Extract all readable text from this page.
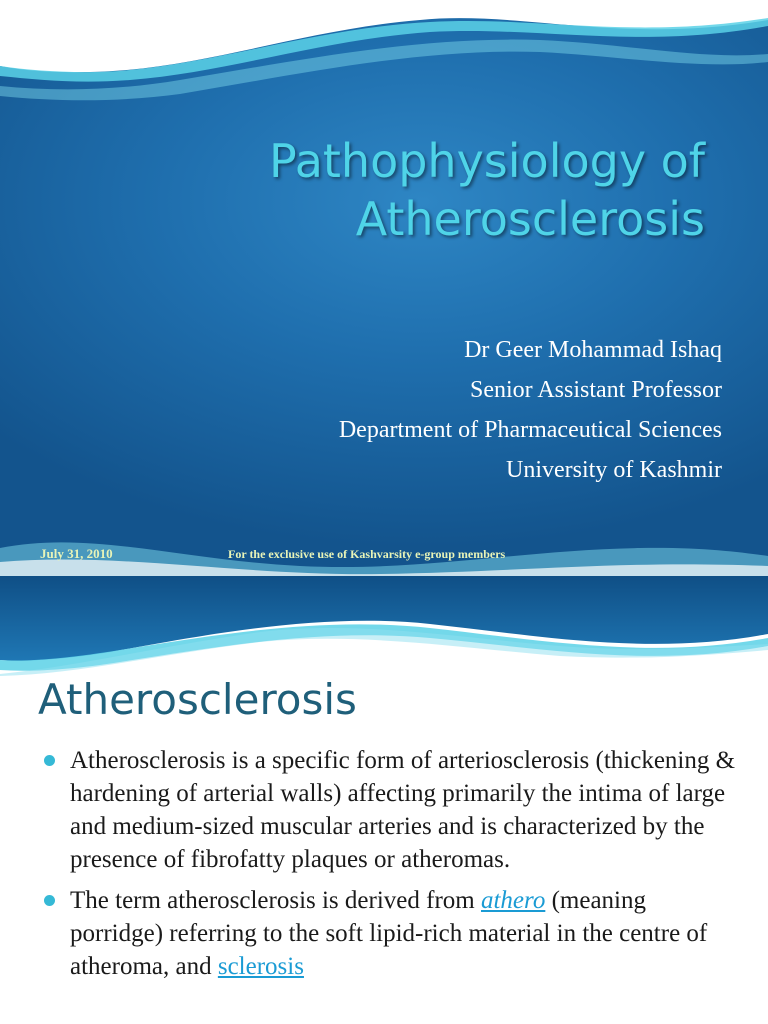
Pathophysiology of
Atherosclerosis
Dr Geer Mohammad Ishaq
Senior Assistant Professor
Department of Pharmaceutical Sciences
University of Kashmir
July 31, 2010	For the exclusive use of Kashvarsity e-group members
Atherosclerosis
Atherosclerosis is a specific form of arteriosclerosis (thickening & hardening of arterial walls) affecting primarily the intima of large and medium-sized muscular arteries and is characterized by the presence of fibrofatty plaques or atheromas.
The term atherosclerosis is derived from athero (meaning porridge) referring to the soft lipid-rich material in the centre of atheroma, and sclerosis
